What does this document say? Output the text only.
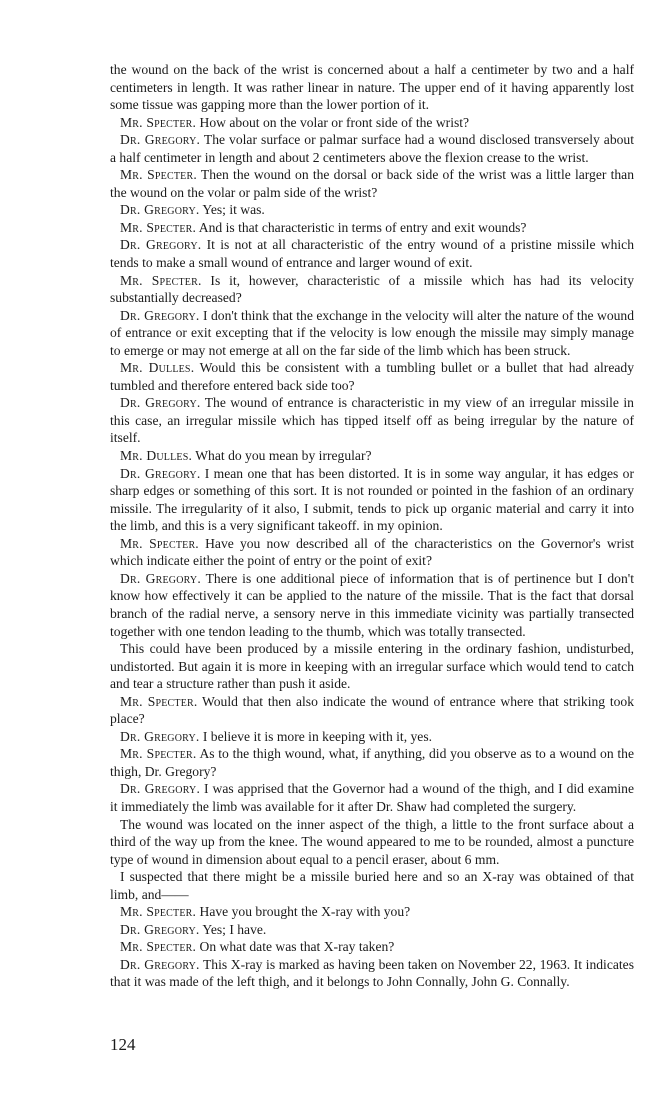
the wound on the back of the wrist is concerned about a half a centimeter by two and a half centimeters in length. It was rather linear in nature. The upper end of it having apparently lost some tissue was gapping more than the lower portion of it.

Mr. Specter. How about on the volar or front side of the wrist?

Dr. Gregory. The volar surface or palmar surface had a wound disclosed transversely about a half centimeter in length and about 2 centimeters above the flexion crease to the wrist.

Mr. Specter. Then the wound on the dorsal or back side of the wrist was a little larger than the wound on the volar or palm side of the wrist?

Dr. Gregory. Yes; it was.

Mr. Specter. And is that characteristic in terms of entry and exit wounds?

Dr. Gregory. It is not at all characteristic of the entry wound of a pristine missile which tends to make a small wound of entrance and larger wound of exit.

Mr. Specter. Is it, however, characteristic of a missile which has had its velocity substantially decreased?

Dr. Gregory. I don't think that the exchange in the velocity will alter the nature of the wound of entrance or exit excepting that if the velocity is low enough the missile may simply manage to emerge or may not emerge at all on the far side of the limb which has been struck.

Mr. Dulles. Would this be consistent with a tumbling bullet or a bullet that had already tumbled and therefore entered back side too?

Dr. Gregory. The wound of entrance is characteristic in my view of an irregular missile in this case, an irregular missile which has tipped itself off as being irregular by the nature of itself.

Mr. Dulles. What do you mean by irregular?

Dr. Gregory. I mean one that has been distorted. It is in some way angular, it has edges or sharp edges or something of this sort. It is not rounded or pointed in the fashion of an ordinary missile. The irregularity of it also, I submit, tends to pick up organic material and carry it into the limb, and this is a very significant takeoff. in my opinion.

Mr. Specter. Have you now described all of the characteristics on the Governor's wrist which indicate either the point of entry or the point of exit?

Dr. Gregory. There is one additional piece of information that is of pertinence but I don't know how effectively it can be applied to the nature of the missile. That is the fact that dorsal branch of the radial nerve, a sensory nerve in this immediate vicinity was partially transected together with one tendon leading to the thumb, which was totally transected.

This could have been produced by a missile entering in the ordinary fashion, undisturbed, undistorted. But again it is more in keeping with an irregular surface which would tend to catch and tear a structure rather than push it aside.

Mr. Specter. Would that then also indicate the wound of entrance where that striking took place?

Dr. Gregory. I believe it is more in keeping with it, yes.

Mr. Specter. As to the thigh wound, what, if anything, did you observe as to a wound on the thigh, Dr. Gregory?

Dr. Gregory. I was apprised that the Governor had a wound of the thigh, and I did examine it immediately the limb was available for it after Dr. Shaw had completed the surgery.

The wound was located on the inner aspect of the thigh, a little to the front surface about a third of the way up from the knee. The wound appeared to me to be rounded, almost a puncture type of wound in dimension about equal to a pencil eraser, about 6 mm.

I suspected that there might be a missile buried here and so an X-ray was obtained of that limb, and——

Mr. Specter. Have you brought the X-ray with you?

Dr. Gregory. Yes; I have.

Mr. Specter. On what date was that X-ray taken?

Dr. Gregory. This X-ray is marked as having been taken on November 22, 1963. It indicates that it was made of the left thigh, and it belongs to John Connally, John G. Connally.

124
